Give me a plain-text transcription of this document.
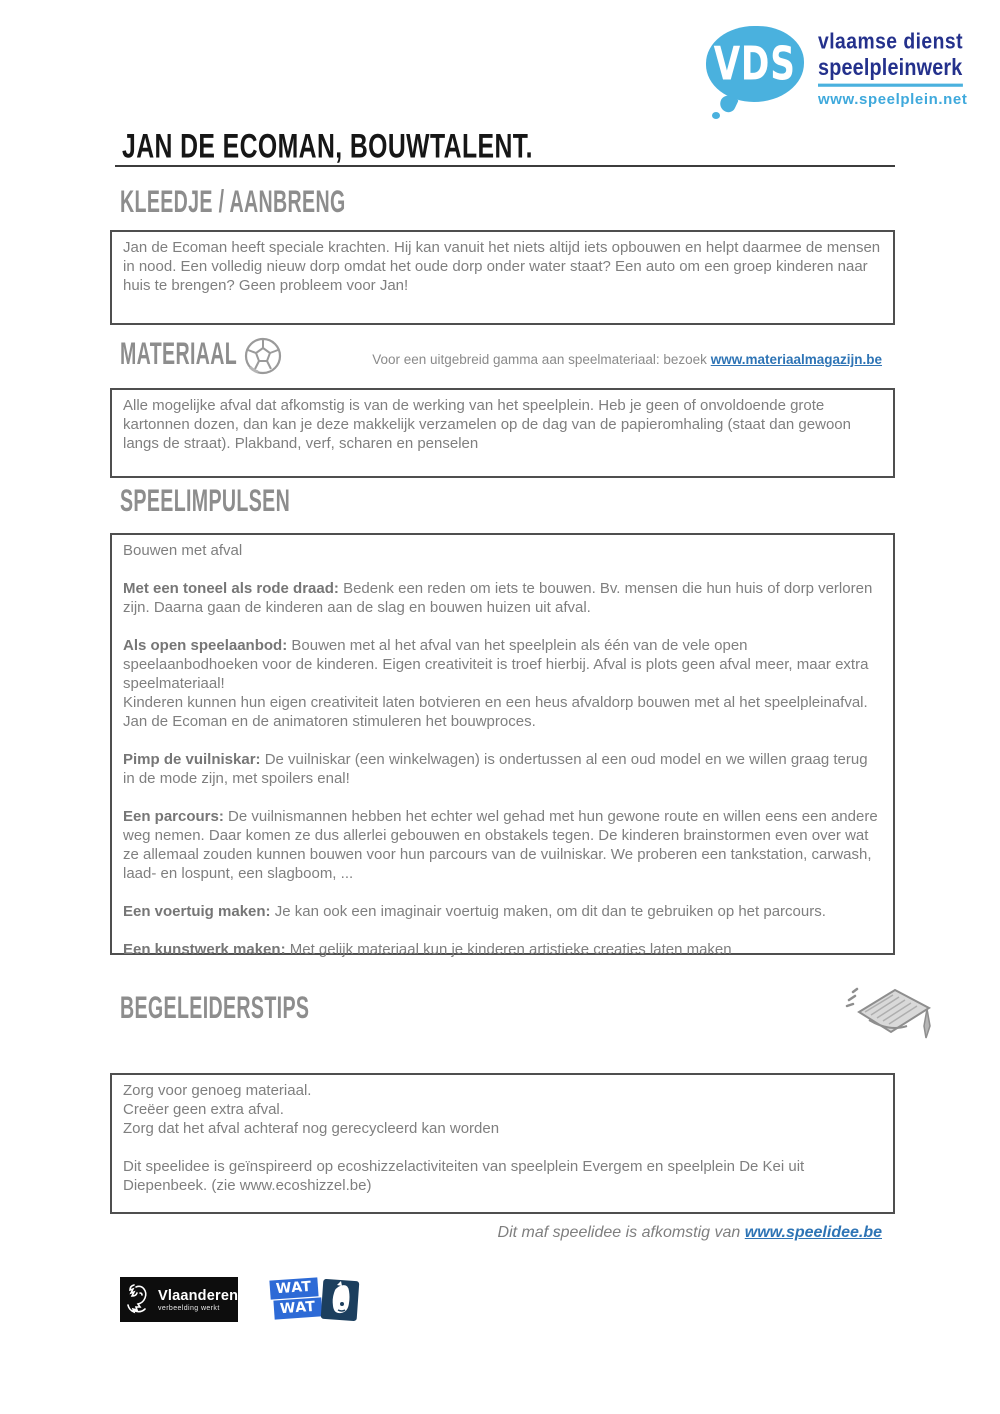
VDS vlaamse dienst
speelpleinwerk
www.speelplein.net
JAN DE ECOMAN, BOUWTALENT.
KLEEDJE / AANBRENG

Jan de Ecoman heeft speciale krachten. Hij kan vanuit het niets altijd iets opbouwen en helpt daarmee de mensen in nood. Een volledig nieuw dorp omdat het oude dorp onder water staat? Een auto om een groep kinderen naar huis te brengen? Geen probleem voor Jan!

MATERIAAL	Voor een uitgebreid gamma aan speelmateriaal: bezoek www.materiaalmagazijn.be

Alle mogelijke afval dat afkomstig is van de werking van het speelplein. Heb je geen of onvoldoende grote kartonnen dozen, dan kan je deze makkelijk verzamelen op de dag van de papieromhaling (staat dan gewoon langs de straat). Plakband, verf, scharen en penselen

SPEELIMPULSEN

Bouwen met afval

Met een toneel als rode draad: Bedenk een reden om iets te bouwen. Bv. mensen die hun huis of dorp verloren zijn. Daarna gaan de kinderen aan de slag en bouwen huizen uit afval.

Als open speelaanbod: Bouwen met al het afval van het speelplein als één van de vele open speelaanbodhoeken voor de kinderen. Eigen creativiteit is troef hierbij. Afval is plots geen afval meer, maar extra speelmateriaal!
Kinderen kunnen hun eigen creativiteit laten botvieren en een heus afvaldorp bouwen met al het speelpleinafval. Jan de Ecoman en de animatoren stimuleren het bouwproces.

Pimp de vuilniskar: De vuilniskar (een winkelwagen) is ondertussen al een oud model en we willen graag terug in de mode zijn, met spoilers enal!

Een parcours: De vuilnismannen hebben het echter wel gehad met hun gewone route en willen eens een andere weg nemen. Daar komen ze dus allerlei gebouwen en obstakels tegen. De kinderen brainstormen even over wat ze allemaal zouden kunnen bouwen voor hun parcours van de vuilniskar. We proberen een tankstation, carwash, laad- en lospunt, een slagboom, ...

Een voertuig maken: Je kan ook een imaginair voertuig maken, om dit dan te gebruiken op het parcours.

Een kunstwerk maken: Met gelijk materiaal kun je kinderen artistieke creaties laten maken

BEGELEIDERSTIPS

Zorg voor genoeg materiaal.

Creëer geen extra afval.

Zorg dat het afval achteraf nog gerecycleerd kan worden

Dit speelidee is geïnspireerd op ecoshizzelactiviteiten van speelplein Evergem en speelplein De Kei uit Diepenbeek. (zie www.ecoshizzel.be)

Dit maf speelidee is afkomstig van www.speelidee.be
Vlaanderen
verbeelding werkt
WAT
WAT
